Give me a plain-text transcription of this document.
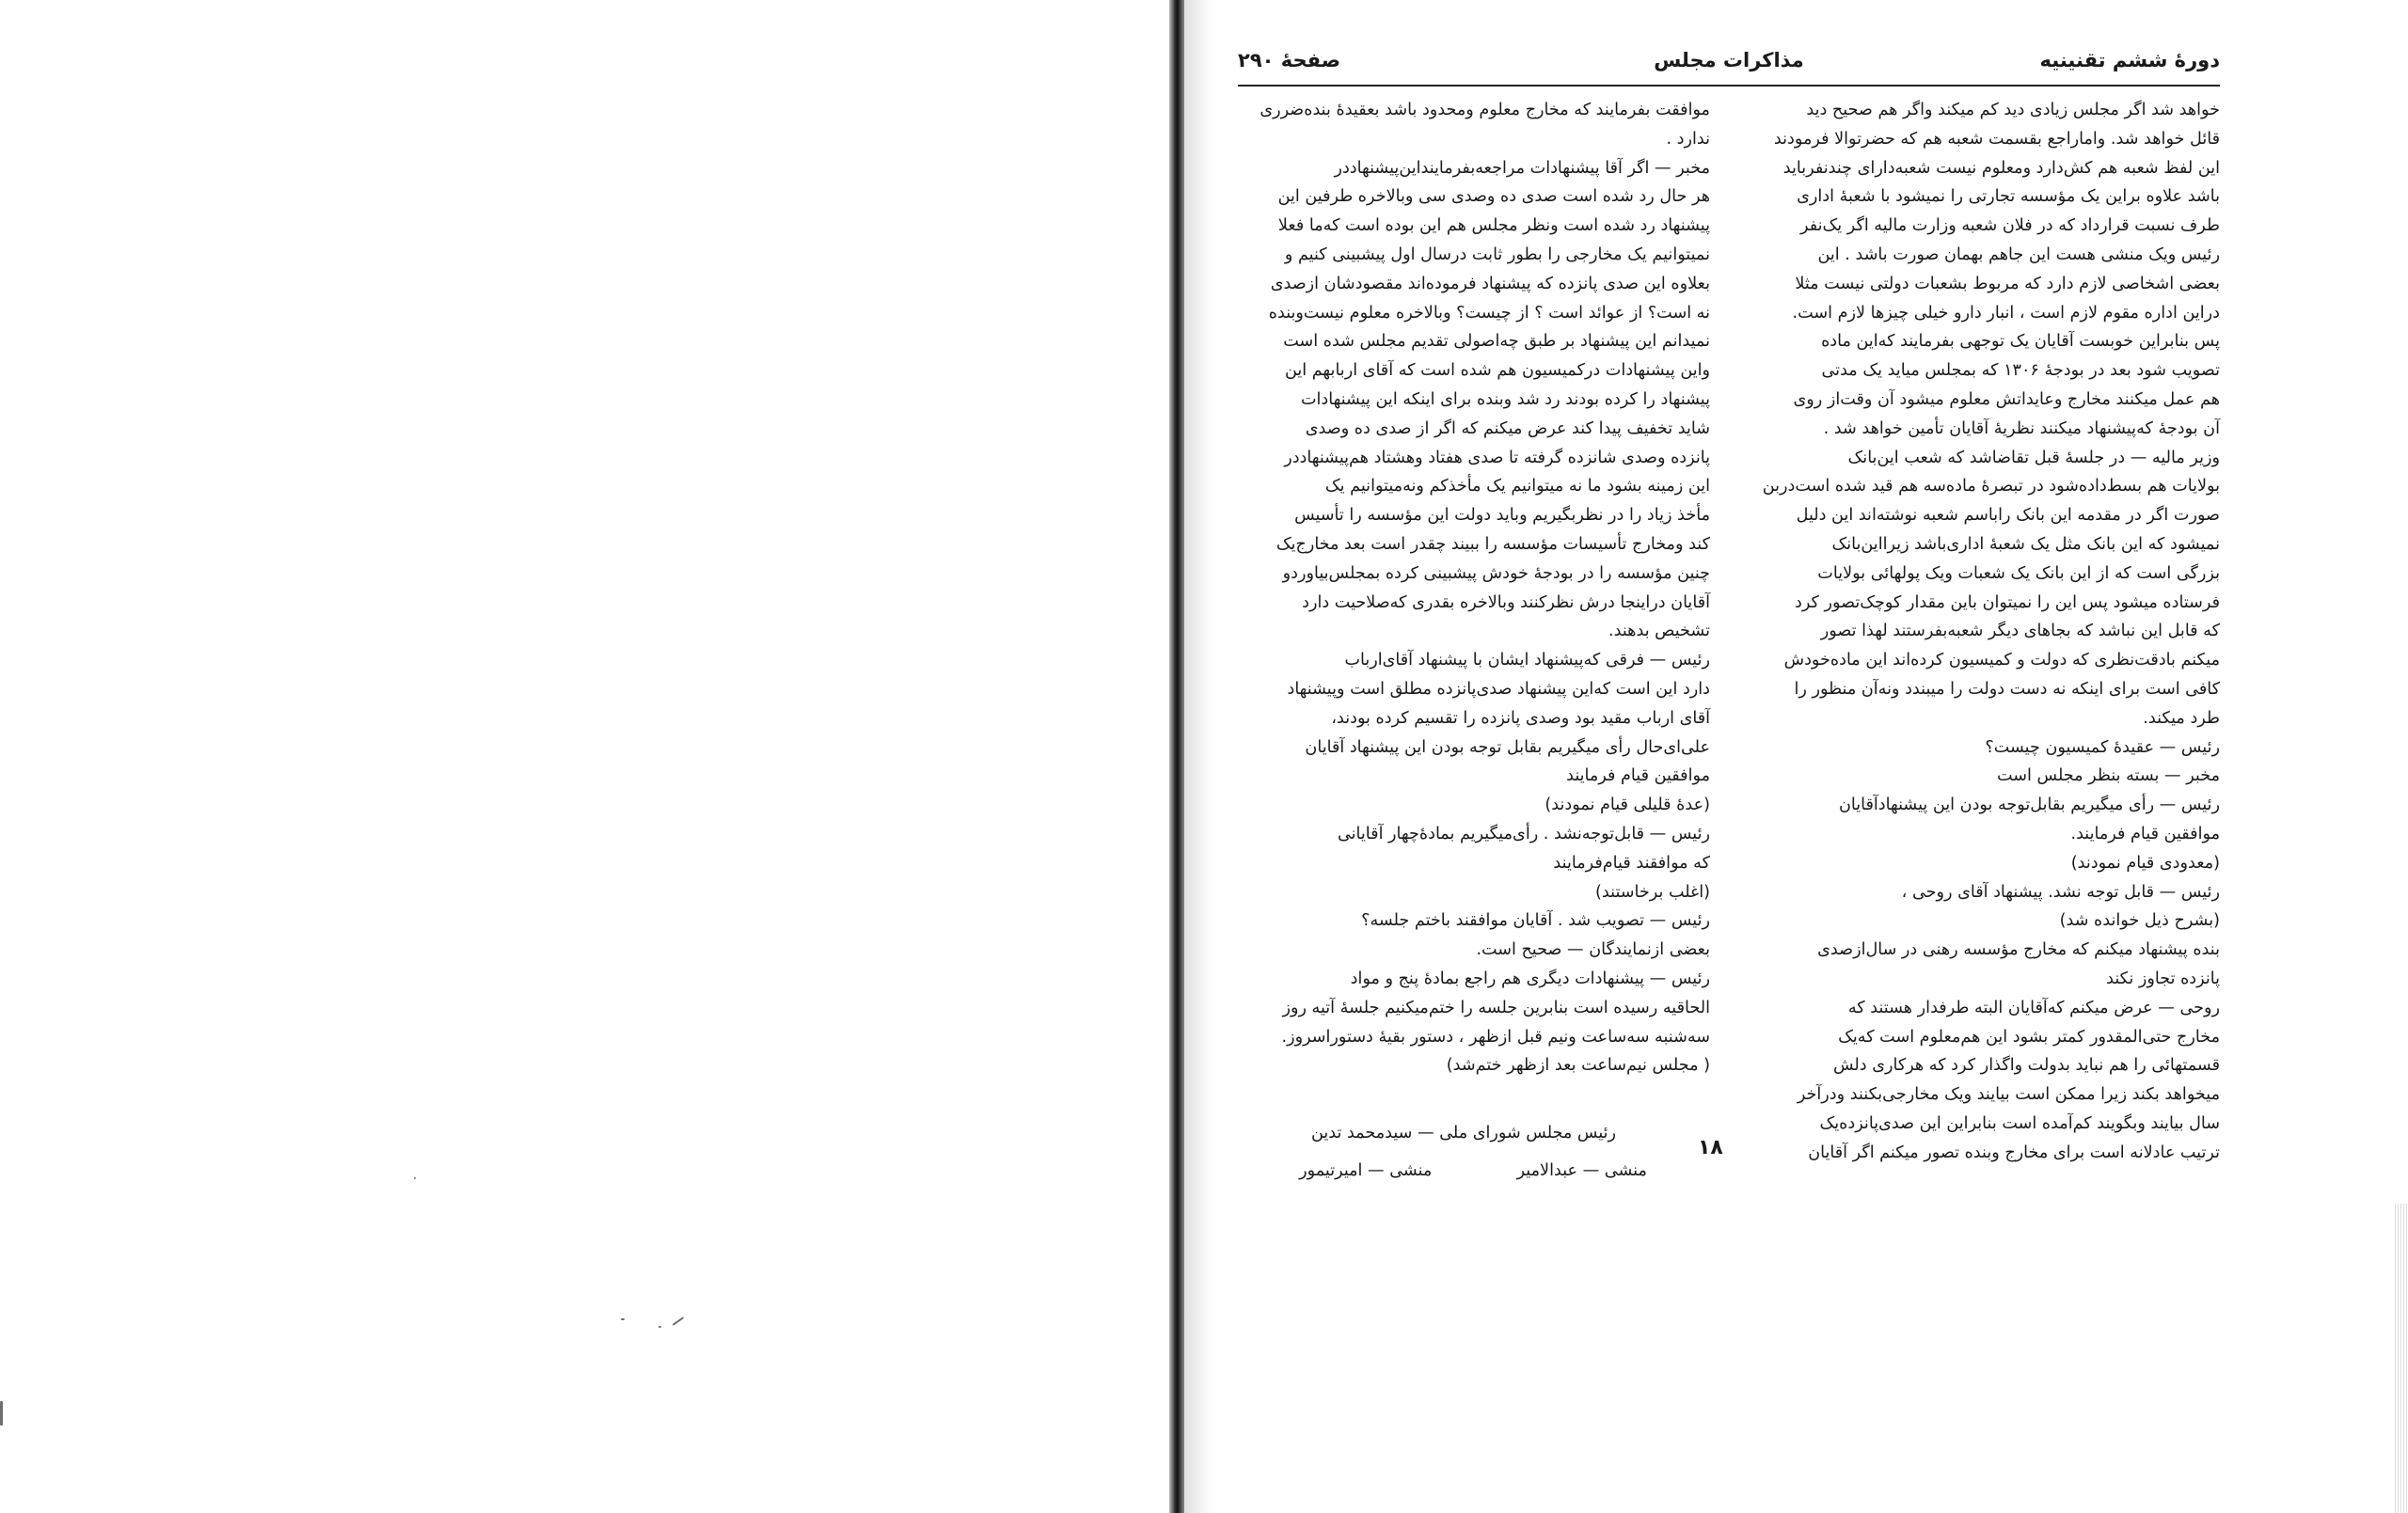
دورهٔ ششم تقنینیه
مذاکرات مجلس
صفحهٔ ۲۹۰
خواهد شد اگر مجلس زیادی دید کم میکند واگر هم صحیح دید
قائل خواهد شد. واماراجع بقسمت شعبه هم که حضرتوالا فرمودند
این لفظ شعبه هم کش‌دارد ومعلوم نیست شعبه‌دارای چندنفرباید
باشد علاوه براین یک مؤسسه تجارتی را نمیشود با شعبهٔ اداری
طرف نسبت قرارداد که در فلان شعبه وزارت مالیه اگر یک‌نفر
رئیس ویک منشی هست این جاهم بهمان صورت باشد . این
بعضی اشخاصی لازم دارد که مربوط بشعبات دولتی نیست مثلا
دراین اداره مقوم لازم است ، انبار دارو خیلی چیزها لازم است.
پس بنابراین خوبست آقایان یک توجهی بفرمایند که‌این ماده
تصویب شود بعد در بودجهٔ ۱۳۰۶ که بمجلس میاید یک مدتی
هم عمل میکنند مخارج وعایداتش معلوم میشود آن وقت‌از روی
آن بودجهٔ که‌پیشنهاد میکنند نظریهٔ آقایان تأمین خواهد شد .
وزیر مالیه — در جلسهٔ قبل تقاضاشد که شعب این‌بانک
بولایات هم بسط‌داده‌شود در تبصرهٔ ماده‌سه هم قید شده است‌دربن
صورت اگر در مقدمه این بانک رابا‌سم شعبه نوشته‌اند این دلیل
نمیشود که این بانک مثل یک شعبهٔ اداری‌باشد زیرااین‌بانک
بزرگی است که از این بانک یک شعبات ویک پولهائی بولایات
فرستاده میشود پس این را نمیتوان باین مقدار کوچک‌تصور کرد
که قابل این نباشد که بجاهای دیگر شعبه‌بفرستند لهذا تصور
میکنم بادقت‌نظری که دولت و کمیسیون کرده‌اند این ماده‌خودش
کافی است برای اینکه نه دست دولت را میبندد ونه‌آن منظور را
طرد میکند.
رئیس — عقیدهٔ کمیسیون چیست؟
مخبر — بسته بنظر مجلس است
رئیس — رأی میگیریم بقابل‌توجه بودن این پیشنهادآقایان
موافقین قیام فرمایند.
(معدودی قیام نمودند)
رئیس — قابل توجه نشد. پیشنهاد آقای روحی ،
(بشرح ذیل خوانده شد)
بنده پیشنهاد میکنم که مخارج مؤسسه رهنی در سال‌ازصدی
پانزده تجاوز نکند
روحی — عرض میکنم که‌آقایان البته طرفدار هستند که
مخارج حتی‌المقدور کمتر بشود این هم‌معلوم است که‌یک
قسمتهائی را هم نباید بدولت واگذار کرد که هرکاری دلش
میخواهد بکند زیرا ممکن است بیایند ویک مخارجی‌بکنند ودرآخر
سال بیایند وبگویند کم‌آمده است بنابراین این صدی‌پانزده‌یک
ترتیب عادلانه است برای مخارج وبنده تصور میکنم اگر آقایان
موافقت بفرمایند که مخارج معلوم ومحدود باشد بعقیدهٔ بنده‌ضرری
ندارد .
مخبر — اگر آقا پیشنهادات مراجعه‌بفرمایند‌این‌پیشنهاددر
هر حال رد شده است صدی ده وصدی سی وبالاخره طرفین این
پیشنهاد رد شده است ونظر مجلس هم این بوده است که‌ما فعلا
نمیتوانیم یک مخارجی را بطور ثابت در‌سال اول پیشبینی کنیم و
بعلاوه این صدی پانزده که پیشنهاد فرموده‌اند مقصودشان ازصدی
نه است؟ از عوائد است ؟ از چیست؟ وبالاخره معلوم نیست‌وبنده
نمیدانم این پیشنهاد بر طبق چه‌اصولی تقدیم مجلس شده است
واین پیشنهادات در‌کمیسیون هم شده است که آقای اربابهم این
پیشنهاد را کرده بودند رد شد وبنده برای اینکه این پیشنهادات
شاید تخفیف پیدا کند عرض میکنم که اگر از صدی ده وصدی
پانزده وصدی شانزده گرفته تا صدی هفتاد وهشتاد هم‌پیشنهاددر
این زمینه بشود ما نه میتوانیم یک مأخذکم ونه‌میتوانیم یک
مأخذ زیاد را در نظربگیریم وباید دولت این مؤسسه را تأسیس
کند ومخارج تأسیسات مؤسسه را ببیند چقدر است بعد مخارج‌یک
چنین مؤسسه را در بودجهٔ خودش پیشبینی کرده بمجلس‌بیاوردو
آقایان دراینجا درش نظر‌کنند وبالاخره بقدری که‌صلاحیت دارد
تشخیص بدهند.
رئیس — فرقی که‌پیشنهاد ایشان با پیشنهاد آقای‌ارباب
دارد این است که‌این پیشنهاد صدی‌پانزده مطلق است وپیشنهاد
آقای ارباب مقید بود وصدی پانزده را تقسیم کرده بودند،
علی‌ای‌حال رأی میگیریم بقابل توجه بودن این پیشنهاد آقایان
موافقین قیام فرمایند
(عدهٔ قلیلی قیام نمودند)
رئیس — قابل‌توجه‌نشد . رأی‌میگیریم بمادهٔ‌چهار آقایانی
که موافقند قیام‌فرمایند
(اغلب برخاستند)
رئیس — تصویب شد . آقایان موافقند باختم جلسه؟
بعضی ازنمایندگان — صحیح است.
رئیس — پیشنهادات دیگری هم راجع بمادهٔ پنج و مواد
الحاقیه رسیده است بنابرین جلسه را ختم‌میکنیم جلسهٔ آتیه روز
سه‌شنبه سه‌ساعت ونیم قبل ازظهر ، دستور بقیهٔ دستوراسروز.
( مجلس نیم‌ساعت بعد ازظهر ختم‌شد)
رئیس مجلس شورای ملی — سیدمحمد تدین
منشی — عبدالامیر
منشی — امیرتیمور
۱۸
